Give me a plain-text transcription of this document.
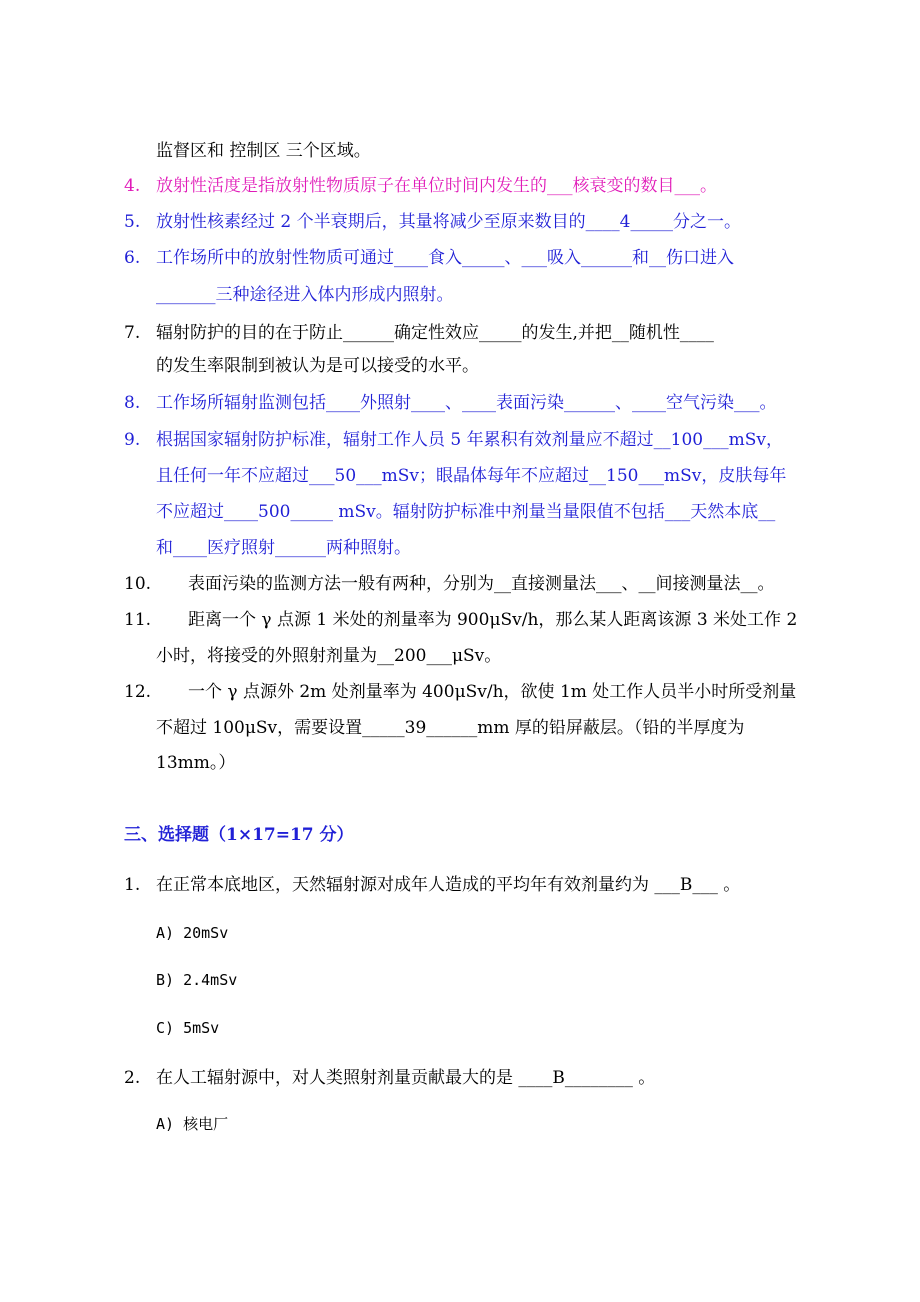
监督区和 控制区 三个区域。
4. 放射性活度是指放射性物质原子在单位时间内发生的___核衰变的数目___。
5. 放射性核素经过 2 个半衰期后，其量将减少至原来数目的____4_____分之一。
6. 工作场所中的放射性物质可通过____食入_____、___吸入______和__伤口进入
_______三种途径进入体内形成内照射。
7. 辐射防护的目的在于防止______确定性效应_____的发生,并把__随机性____
的发生率限制到被认为是可以接受的水平。
8. 工作场所辐射监测包括____外照射____、____表面污染______、____空气污染___。
9. 根据国家辐射防护标准，辐射工作人员 5 年累积有效剂量应不超过__100___mSv，
且任何一年不应超过___50___mSv；眼晶体每年不应超过__150___mSv，皮肤每年
不应超过____500_____ mSv。辐射防护标准中剂量当量限值不包括___天然本底__
和____医疗照射______两种照射。
10. 表面污染的监测方法一般有两种，分别为__直接测量法___、__间接测量法__。
11. 距离一个 γ 点源 1 米处的剂量率为 900μSv/h，那么某人距离该源 3 米处工作 2
小时，将接受的外照射剂量为__200___μSv。
12. 一个 γ 点源外 2m 处剂量率为 400μSv/h，欲使 1m 处工作人员半小时所受剂量
不超过 100μSv，需要设置_____39______mm 厚的铅屏蔽层。（铅的半厚度为
13mm。）
三、选择题（1×17=17 分）
1. 在正常本底地区，天然辐射源对成年人造成的平均年有效剂量约为 ___B___ 。
A) 20mSv
B) 2.4mSv
C) 5mSv
2. 在人工辐射源中，对人类照射剂量贡献最大的是 ____B________ 。
A) 核电厂
